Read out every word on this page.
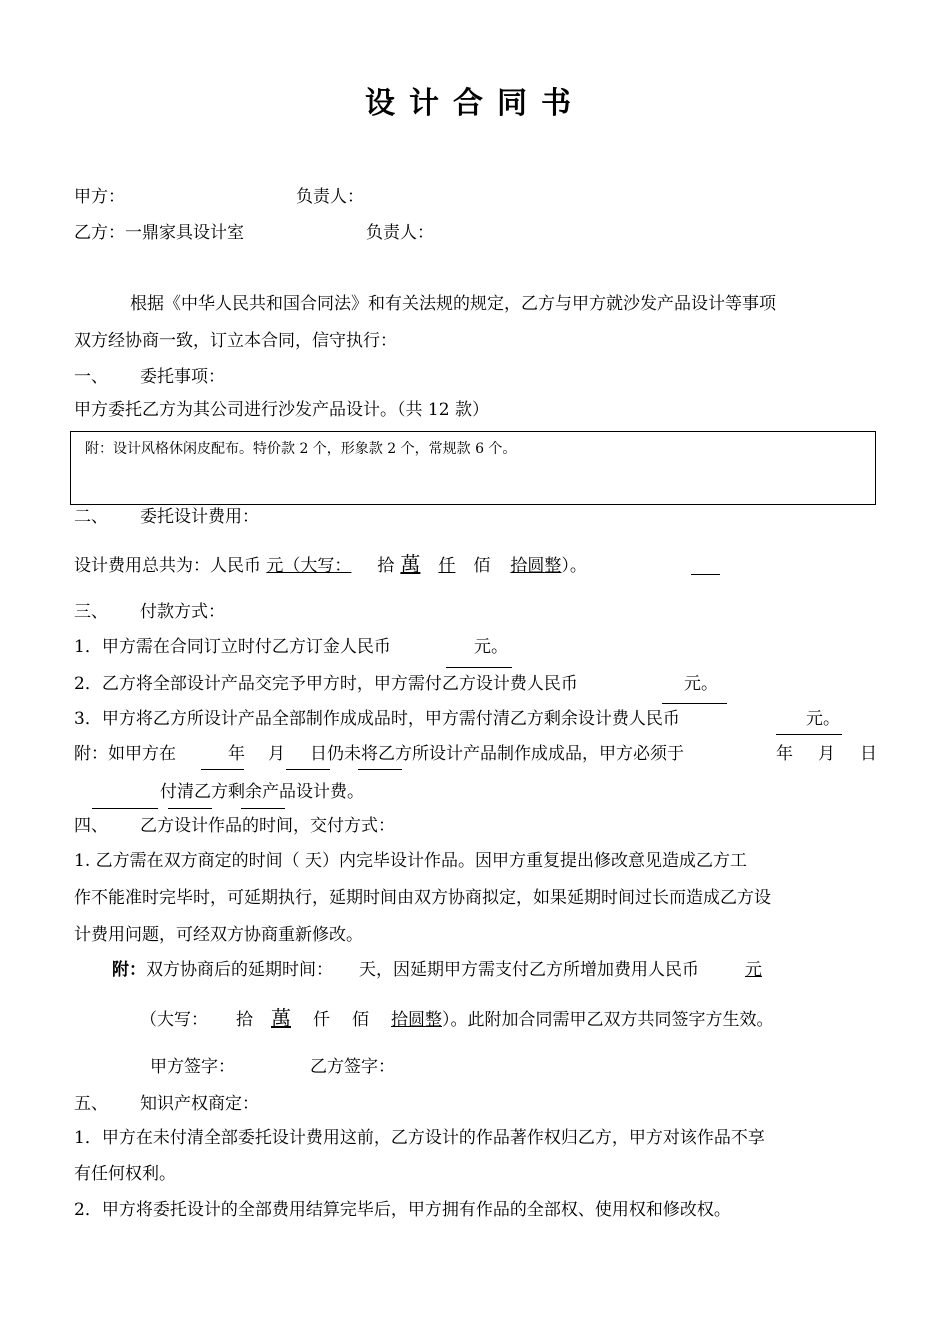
设计合同书
甲方：	负责人：
乙方：一鼎家具设计室	负责人：
根据《中华人民共和国合同法》和有关法规的规定，乙方与甲方就沙发产品设计等事项
双方经协商一致，订立本合同，信守执行：
一、 委托事项：
甲方委托乙方为其公司进行沙发产品设计。（共 12 款）
附：设计风格休闲皮配布。特价款 2 个，形象款 2 个，常规款 6 个。
二、 委托设计费用：
设计费用总共为：人民币 元（大写： 拾 萬 仟 佰 拾圆整）。
三、 付款方式：
1．甲方需在合同订立时付乙方订金人民币	元。
2．乙方将全部设计产品交完予甲方时，甲方需付乙方设计费人民币	元。
3．甲方将乙方所设计产品全部制作成成品时，甲方需付清乙方剩余设计费人民币	元。
附：如甲方在	年 月 日仍未将乙方所设计产品制作成成品，甲方必须于	年 月 日
付清乙方剩余产品设计费。
四、 乙方设计作品的时间，交付方式：
1. 乙方需在双方商定的时间（ 天）内完毕设计作品。因甲方重复提出修改意见造成乙方工
作不能准时完毕时，可延期执行，延期时间由双方协商拟定，如果延期时间过长而造成乙方设
计费用问题，可经双方协商重新修改。
附：双方协商后的延期时间： 天，因延期甲方需支付乙方所增加费用人民币	元
（大写： 拾 萬 仟 佰 拾圆整）。此附加合同需甲乙双方共同签字方生效。
甲方签字：	乙方签字：
五、 知识产权商定：
1．甲方在未付清全部委托设计费用这前，乙方设计的作品著作权归乙方，甲方对该作品不享
有任何权利。
2．甲方将委托设计的全部费用结算完毕后，甲方拥有作品的全部权、使用权和修改权。
